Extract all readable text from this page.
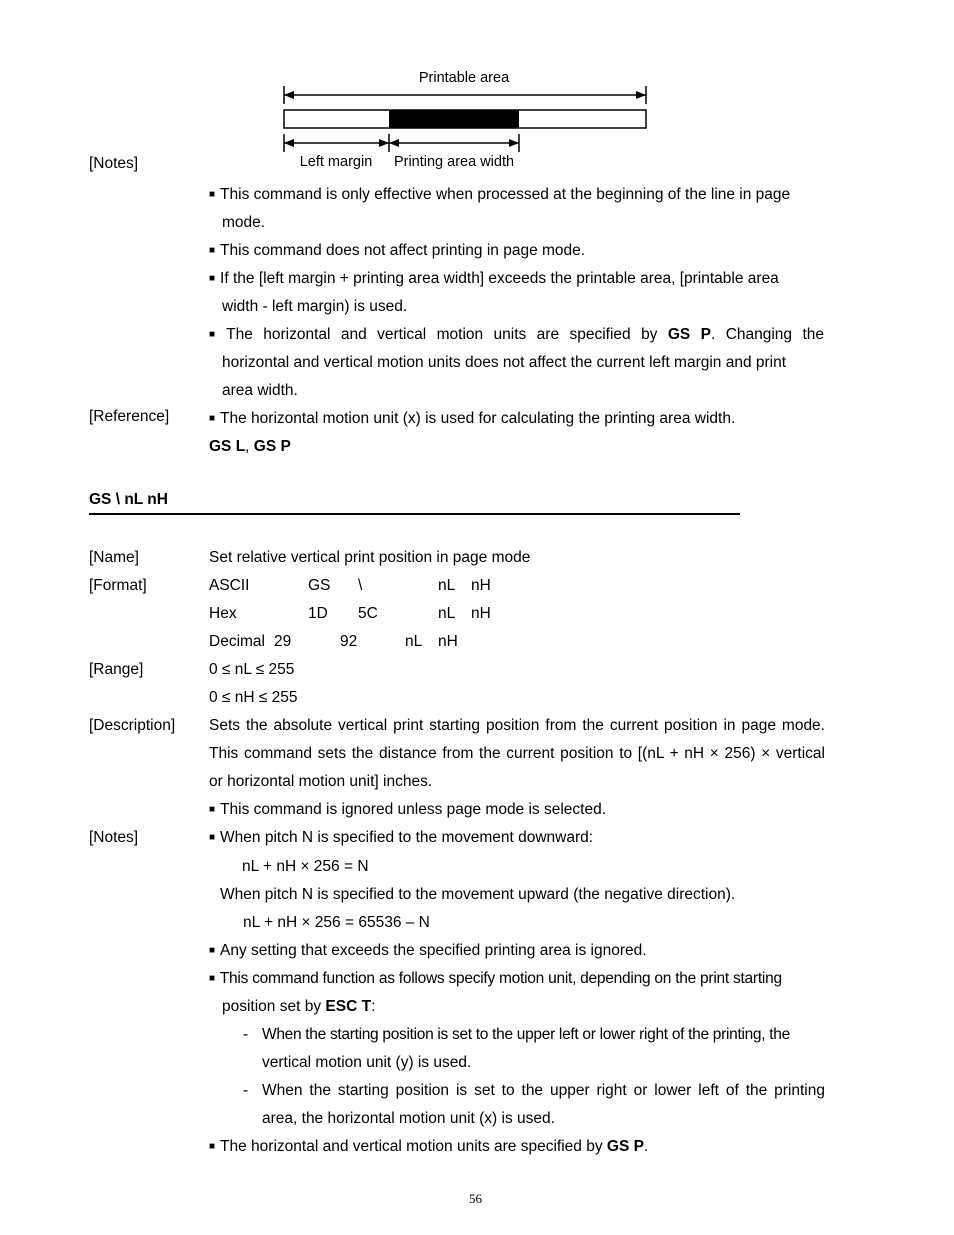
Printable area
Left margin Printing area width
[Notes]
■ This command is only effective when processed at the beginning of the line in page
mode.
■ This command does not affect printing in page mode.
■ If the [left margin + printing area width] exceeds the printable area, [printable area
width - left margin) is used.
■ The horizontal and vertical motion units are specified by GS P. Changing the
horizontal and vertical motion units does not affect the current left margin and print
area width.
[Reference]	■ The horizontal motion unit (x) is used for calculating the printing area width.
GS L, GS P
GS \ nL nH
[Name]	Set relative vertical print position in page mode
[Format]	ASCII	GS \	nL nH
Hex	1D 5C	nL nH
Decimal 29	92	nL nH
[Range]	0 ≤ nL ≤ 255
0 ≤ nH ≤ 255
[Description] Sets the absolute vertical print starting position from the current position in page mode.
This command sets the distance from the current position to [(nL + nH × 256) × vertical
or horizontal motion unit] inches.
■ This command is ignored unless page mode is selected.
[Notes]	■ When pitch N is specified to the movement downward:
nL + nH × 256 = N
When pitch N is specified to the movement upward (the negative direction).
nL + nH × 256 = 65536 – N
■ Any setting that exceeds the specified printing area is ignored.
■ This command function as follows specify motion unit, depending on the print starting
position set by ESC T:
- When the starting position is set to the upper left or lower right of the printing, the
vertical motion unit (y) is used.
- When the starting position is set to the upper right or lower left of the printing
area, the horizontal motion unit (x) is used.
■ The horizontal and vertical motion units are specified by GS P.
56
